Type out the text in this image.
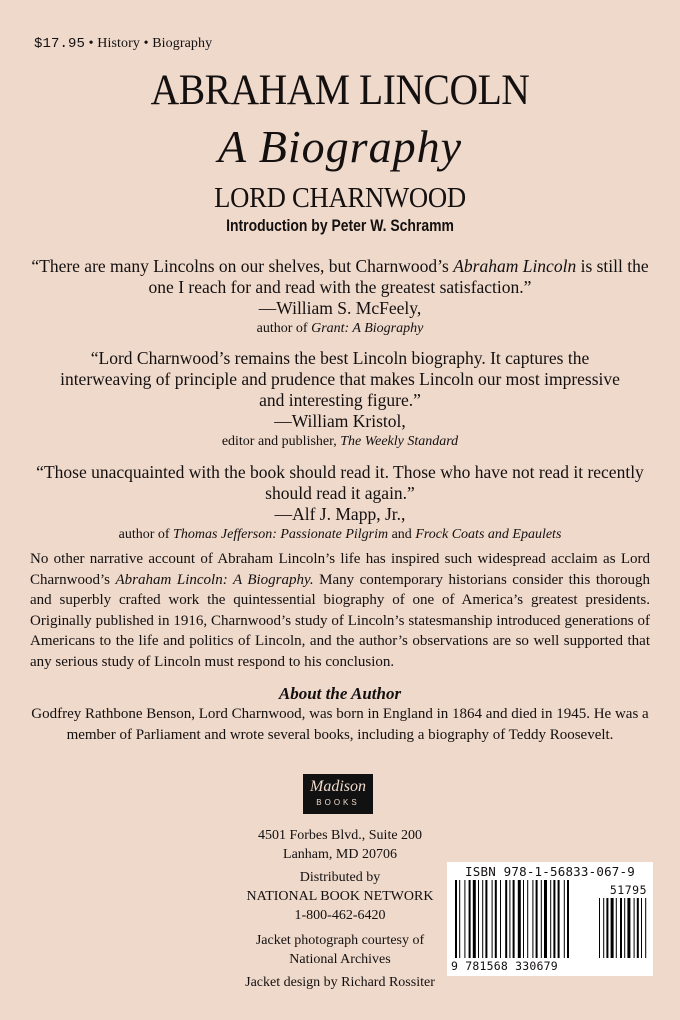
$17.95 • History • Biography
ABRAHAM LINCOLN
A Biography
LORD CHARNWOOD
Introduction by Peter W. Schramm
“There are many Lincolns on our shelves, but Charnwood’s Abraham Lincoln is still the one I reach for and read with the greatest satisfaction.”
—William S. McFeely,
author of Grant: A Biography
“Lord Charnwood’s remains the best Lincoln biography. It captures the interweaving of principle and prudence that makes Lincoln our most impressive and interesting figure.”
—William Kristol,
editor and publisher, The Weekly Standard
“Those unacquainted with the book should read it. Those who have not read it recently should read it again.”
—Alf J. Mapp, Jr.,
author of Thomas Jefferson: Passionate Pilgrim and Frock Coats and Epaulets
No other narrative account of Abraham Lincoln’s life has inspired such widespread acclaim as Lord Charnwood’s Abraham Lincoln: A Biography. Many contemporary historians consider this thorough and superbly crafted work the quintessential biography of one of America’s greatest presidents. Originally published in 1916, Charnwood’s study of Lincoln’s statesmanship introduced generations of Americans to the life and politics of Lincoln, and the author’s observations are so well supported that any serious study of Lincoln must respond to his conclusion.
About the Author
Godfrey Rathbone Benson, Lord Charnwood, was born in England in 1864 and died in 1945. He was a member of Parliament and wrote several books, including a biography of Teddy Roosevelt.
Madison
BOOKS
4501 Forbes Blvd., Suite 200
Lanham, MD 20706
Distributed by
NATIONAL BOOK NETWORK
1-800-462-6420
Jacket photograph courtesy of
National Archives
Jacket design by Richard Rossiter
ISBN 978-1-56833-067-9
51795
9 781568 330679
